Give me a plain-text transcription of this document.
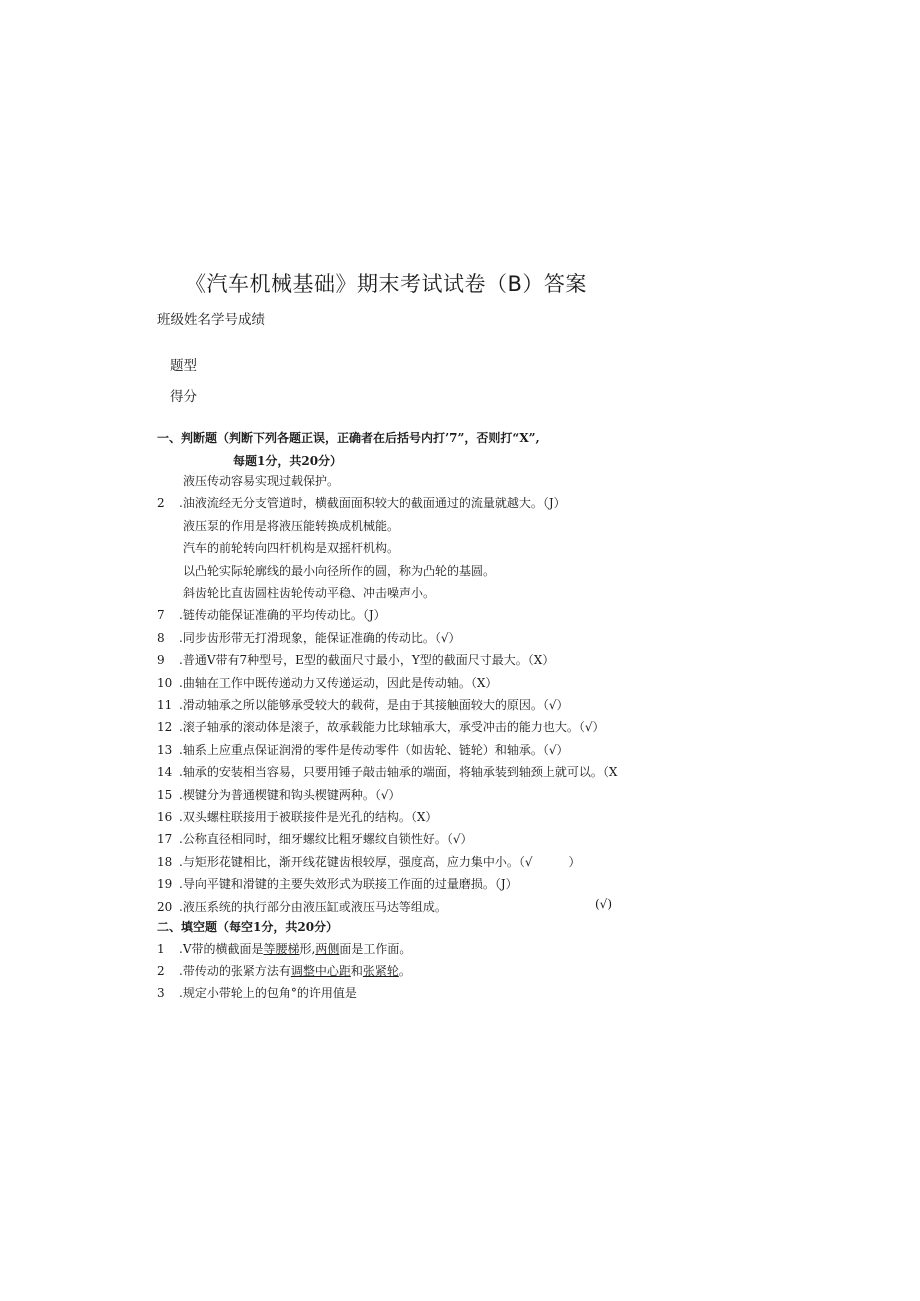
《汽车机械基础》期末考试试卷（B）答案
班级姓名学号成绩
题型
得分
一、判断题（判断下列各题正误，正确者在后括号内打’7”，否则打“X”,
每题1分，共20分）
液压传动容易实现过载保护。
2 .油液流经无分支管道时，横截面面积较大的截面通过的流量就越大。（J）
液压泵的作用是将液压能转换成机械能。
汽车的前轮转向四杆机构是双摇杆机构。
以凸轮实际轮廓线的最小向径所作的圆，称为凸轮的基圆。
斜齿轮比直齿圆柱齿轮传动平稳、冲击噪声小。
7 .链传动能保证准确的平均传动比。（J）
8 .同步齿形带无打滑现象，能保证准确的传动比。（√）
9 .普通V带有7种型号，E型的截面尺寸最小，Y型的截面尺寸最大。（X）
10 .曲轴在工作中既传递动力又传递运动，因此是传动轴。（X）
11 .滑动轴承之所以能够承受较大的载荷，是由于其接触面较大的原因。（√）
12 .滚子轴承的滚动体是滚子，故承载能力比球轴承大，承受冲击的能力也大。（√）
13 .轴系上应重点保证润滑的零件是传动零件（如齿轮、链轮）和轴承。（√）
14 .轴承的安装相当容易，只要用锤子敲击轴承的端面，将轴承装到轴颈上就可以。（X
15 .楔键分为普通楔键和钩头楔键两种。（√）
16 .双头螺柱联接用于被联接件是光孔的结构。（X）
17 .公称直径相同时，细牙螺纹比粗牙螺纹自锁性好。（√）
18 .与矩形花键相比，渐开线花键齿根较厚，强度高，应力集中小。（√　　　）
19 .导向平键和滑键的主要失效形式为联接工作面的过量磨损。（J）
20 .液压系统的执行部分由液压缸或液压马达等组成。	(√)
二、填空题（每空1分，共20分）
1 .V带的横截面是等腰梯形,两侧面是工作面。
2 .带传动的张紧方法有调整中心距和张紧轮。
3 .规定小带轮上的包角°的许用值是
